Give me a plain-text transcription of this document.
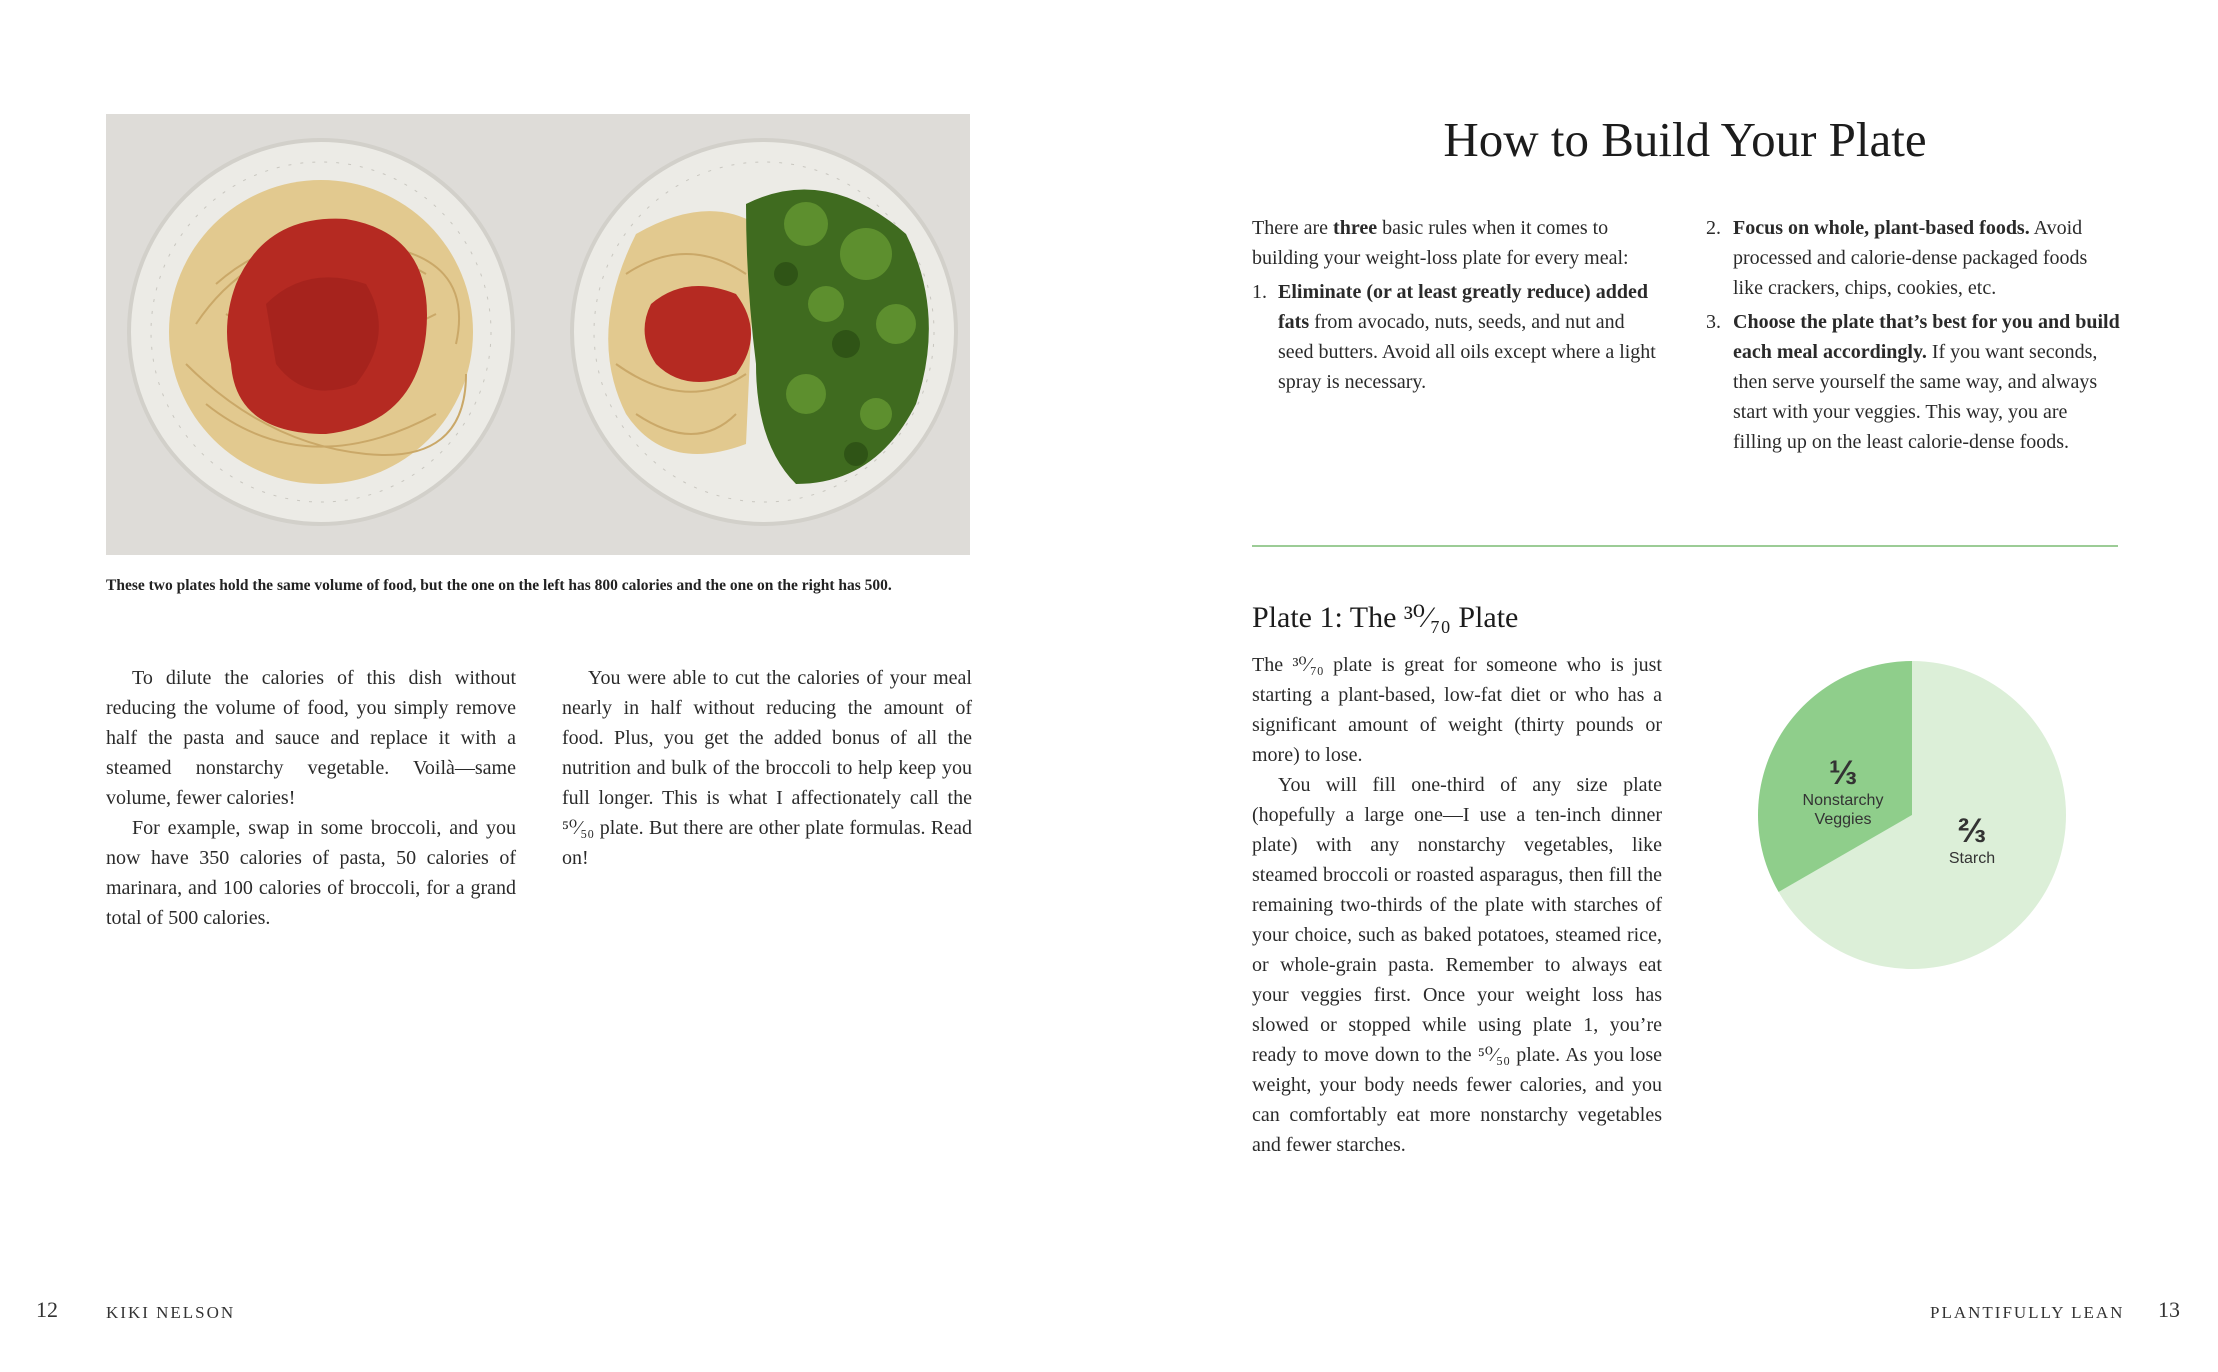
These two plates hold the same volume of food, but the one on the left has 800 calories and the one on the right has 500.

To dilute the calories of this dish without reducing the volume of food, you simply remove half the pasta and sauce and replace it with a steamed nonstarchy vegetable. Voilà—same volume, fewer calories!

For example, swap in some broccoli, and you now have 350 calories of pasta, 50 calories of marinara, and 100 calories of broccoli, for a grand total of 500 calories.

You were able to cut the calories of your meal nearly in half without reducing the amount of food. Plus, you get the added bonus of all the nutrition and bulk of the broccoli to help keep you full longer. This is what I affectionately call the ⁵⁰⁄₅₀ plate. But there are other plate formulas. Read on!

12	KIKI NELSON
How to Build Your Plate

There are three basic rules when it comes to building your weight-loss plate for every meal:

1. Eliminate (or at least greatly reduce) added fats from avocado, nuts, seeds, and nut and seed butters. Avoid all oils except where a light spray is necessary.
2. Focus on whole, plant-based foods. Avoid processed and calorie-dense packaged foods like crackers, chips, cookies, etc.
3. Choose the plate that’s best for you and build each meal accordingly. If you want seconds, then serve yourself the same way, and always start with your veggies. This way, you are filling up on the least calorie-dense foods.
Plate 1: The ³⁰⁄₇₀ Plate

The ³⁰⁄₇₀ plate is great for someone who is just starting a plant-based, low-fat diet or who has a significant amount of weight (thirty pounds or more) to lose.

You will fill one-third of any size plate (hopefully a large one—I use a ten-inch dinner plate) with any nonstarchy vegetables, like steamed broccoli or roasted asparagus, then fill the remaining two-thirds of the plate with starches of your choice, such as baked potatoes, steamed rice, or whole-grain pasta. Remember to always eat your veggies first. Once your weight loss has slowed or stopped while using plate 1, you’re ready to move down to the ⁵⁰⁄₅₀ plate. As you lose weight, your body needs fewer calories, and you can comfortably eat more nonstarchy vegetables and fewer starches.

⅓
Nonstarchy Veggies	⅔
Starch
PLANTIFULLY LEAN 13
